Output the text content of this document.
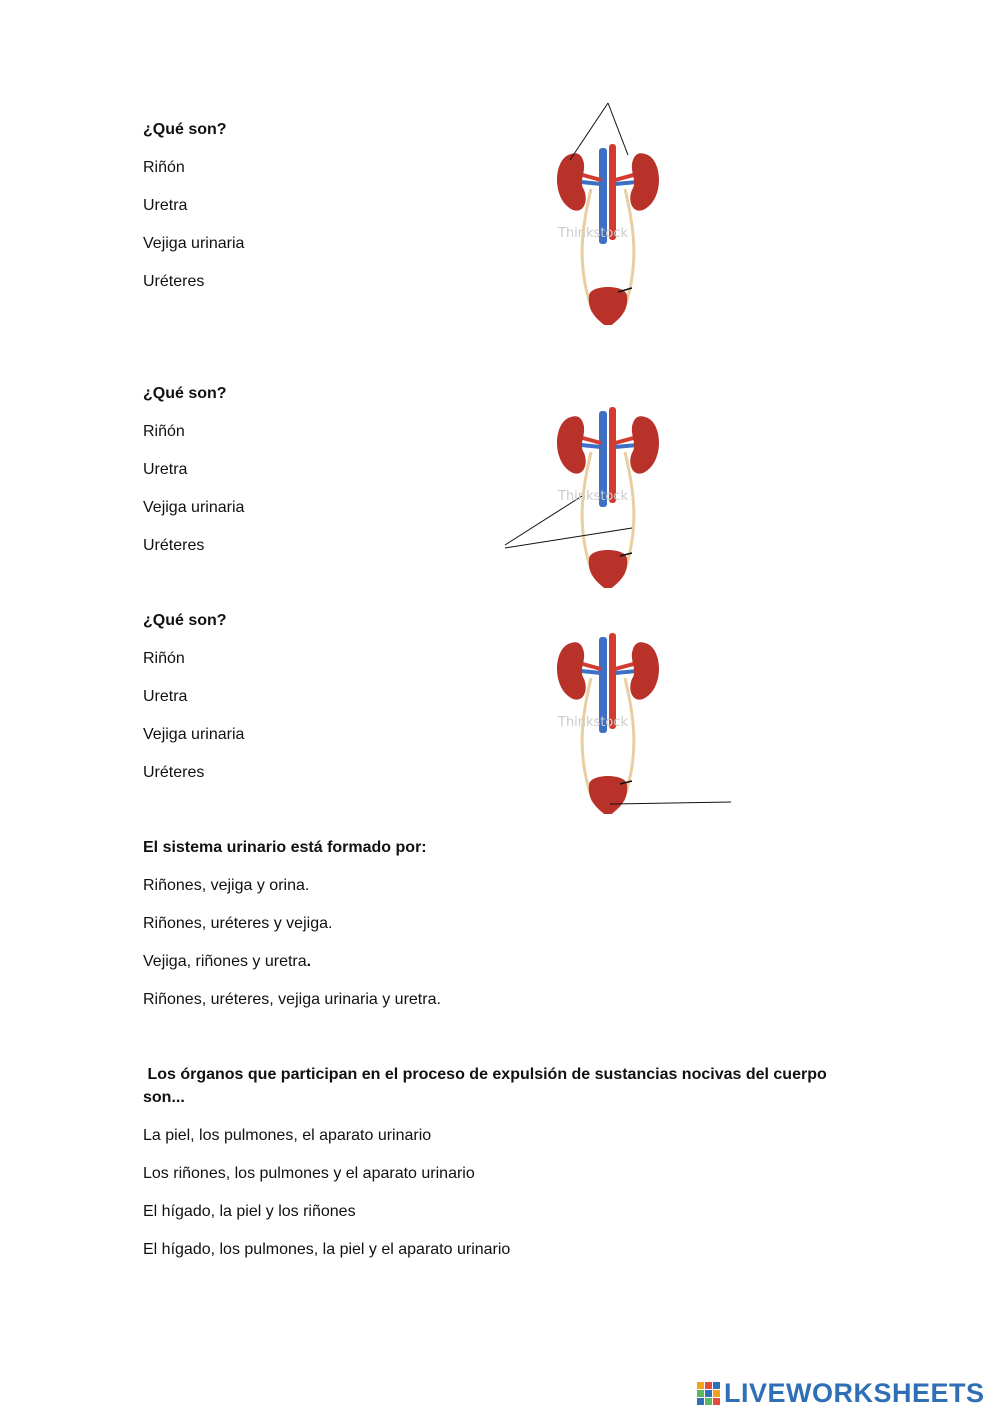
¿Qué son?
Riñón
Uretra
Vejiga urinaria
Uréteres
¿Qué son?
Riñón
Uretra
Vejiga urinaria
Uréteres
¿Qué son?
Riñón
Uretra
Vejiga urinaria
Uréteres
El sistema urinario está formado por:
Riñones, vejiga y orina.
Riñones, uréteres y vejiga.
Vejiga, riñones y uretra.
Riñones, uréteres, vejiga urinaria y uretra.
Los órganos que participan en el proceso de expulsión de sustancias nocivas del cuerpo
son...
La piel, los pulmones, el aparato urinario
Los riñones, los pulmones y el aparato urinario
El hígado, la piel y los riñones
El hígado, los pulmones, la piel y el aparato urinario
Thinkstock
Thinkstock
Thinkstock
LIVEWORKSHEETS
